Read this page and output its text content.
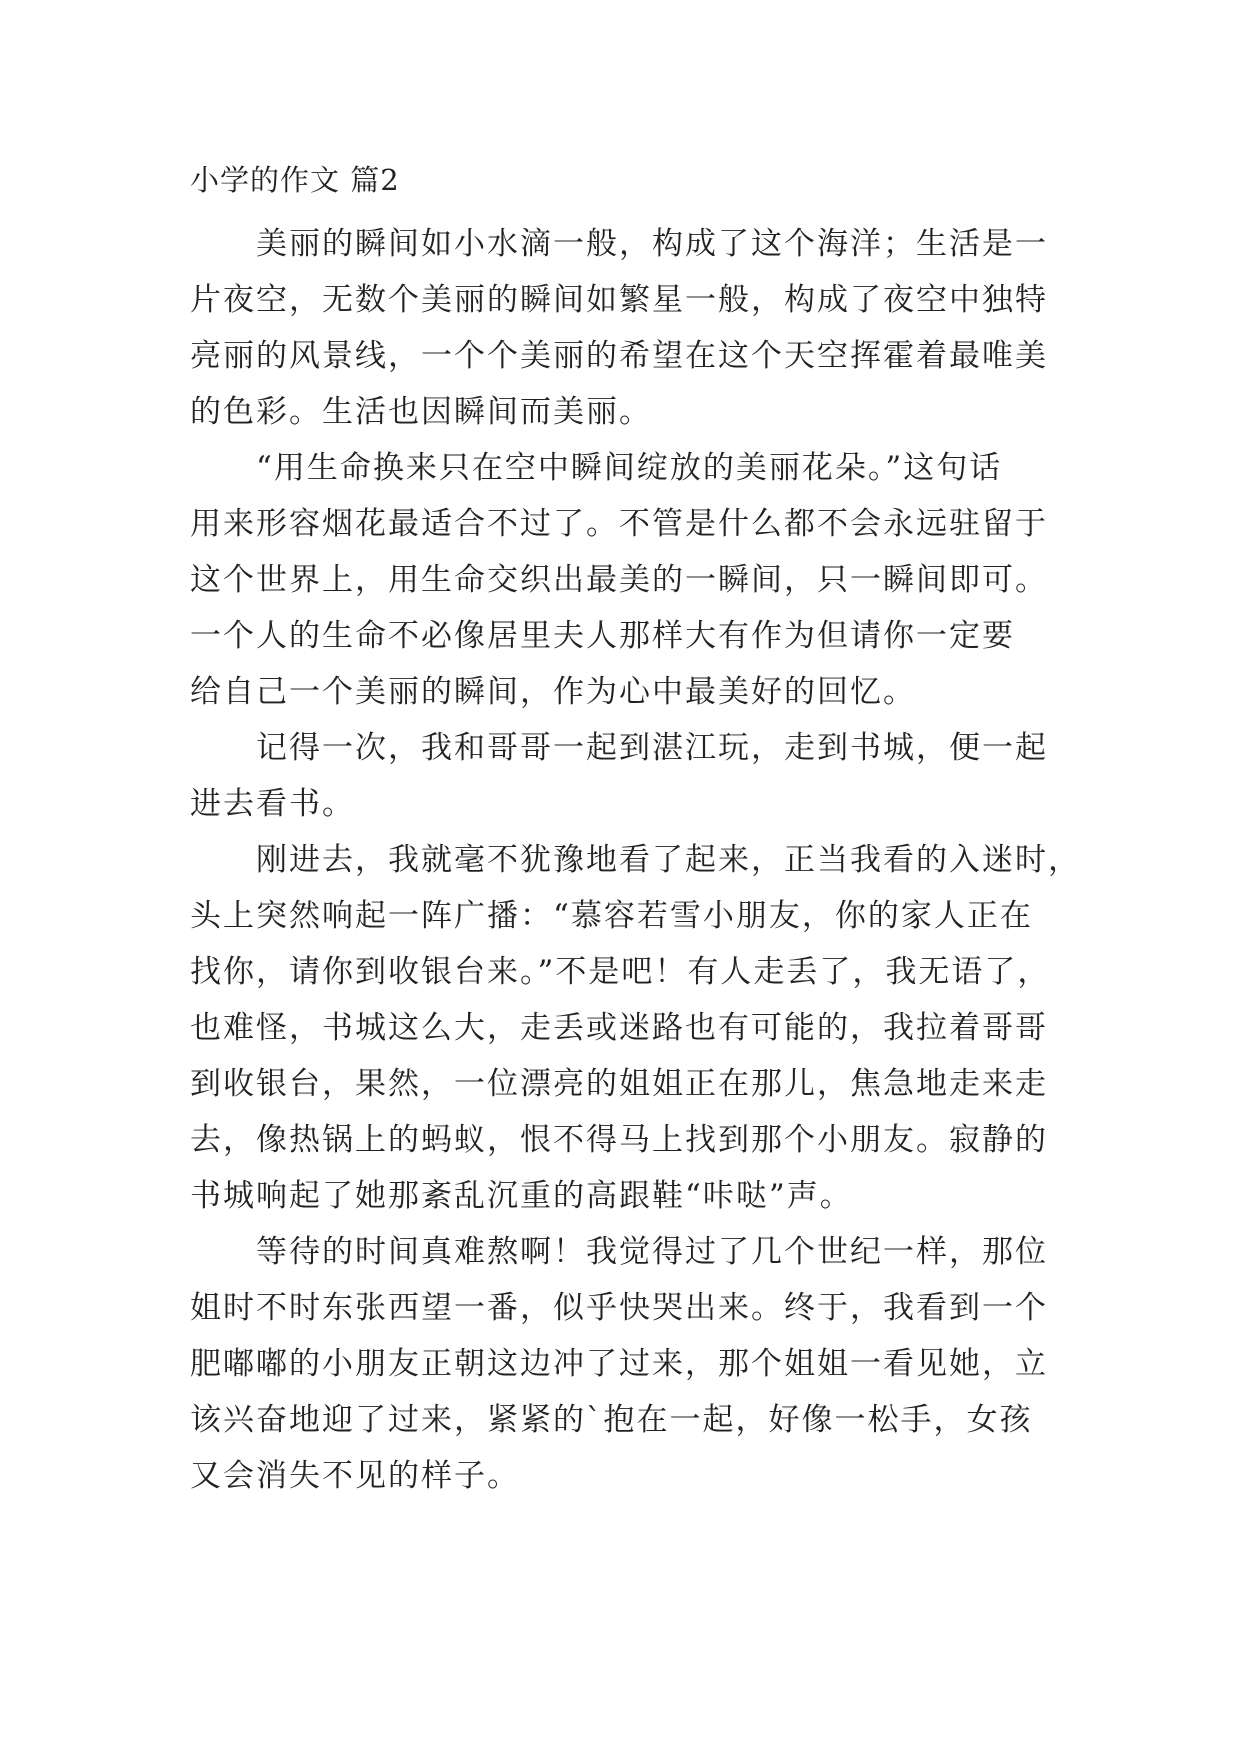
小学的作文 篇2
美丽的瞬间如小水滴一般，构成了这个海洋；生活是一
片夜空，无数个美丽的瞬间如繁星一般，构成了夜空中独特
亮丽的风景线，一个个美丽的希望在这个天空挥霍着最唯美
的色彩。生活也因瞬间而美丽。
“用生命换来只在空中瞬间绽放的美丽花朵。”这句话
用来形容烟花最适合不过了。不管是什么都不会永远驻留于
这个世界上，用生命交织出最美的一瞬间，只一瞬间即可。
一个人的生命不必像居里夫人那样大有作为但请你一定要
给自己一个美丽的瞬间，作为心中最美好的回忆。
记得一次，我和哥哥一起到湛江玩，走到书城，便一起
进去看书。
刚进去，我就毫不犹豫地看了起来，正当我看的入迷时，
头上突然响起一阵广播：“慕容若雪小朋友，你的家人正在
找你，请你到收银台来。”不是吧！有人走丢了，我无语了，
也难怪，书城这么大，走丢或迷路也有可能的，我拉着哥哥
到收银台，果然，一位漂亮的姐姐正在那儿，焦急地走来走
去，像热锅上的蚂蚁，恨不得马上找到那个小朋友。寂静的
书城响起了她那紊乱沉重的高跟鞋“咔哒”声。
等待的时间真难熬啊！我觉得过了几个世纪一样，那位
姐时不时东张西望一番，似乎快哭出来。终于，我看到一个
肥嘟嘟的小朋友正朝这边冲了过来，那个姐姐一看见她，立
该兴奋地迎了过来，紧紧的`抱在一起，好像一松手，女孩
又会消失不见的样子。
